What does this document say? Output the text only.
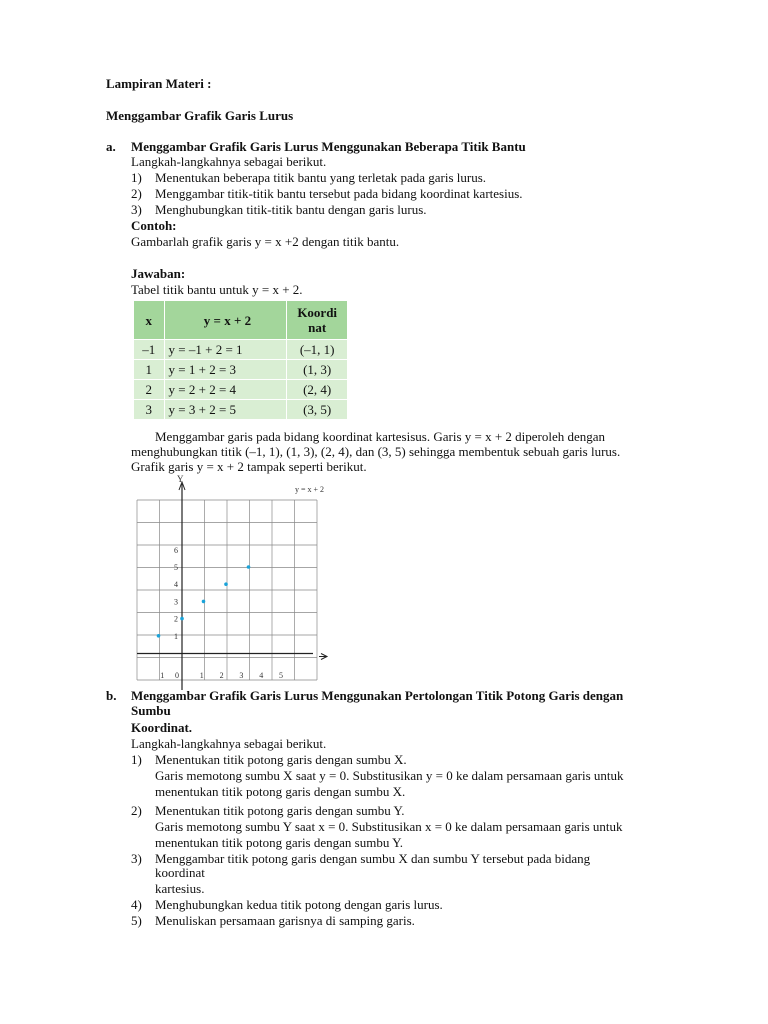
Lampiran Materi :
Menggambar Grafik Garis Lurus
a. Menggambar Grafik Garis Lurus Menggunakan Beberapa Titik Bantu
Langkah-langkahnya sebagai berikut.
1) Menentukan beberapa titik bantu yang terletak pada garis lurus.
2) Menggambar titik-titik bantu tersebut pada bidang koordinat kartesius.
3) Menghubungkan titik-titik bantu dengan garis lurus.
Contoh:
Gambarlah grafik garis y = x +2 dengan titik bantu.
Jawaban:
Tabel titik bantu untuk y = x + 2.
x	y = x + 2	Koordi
nat
–1	y = –1 + 2 = 1	(–1, 1)
1	y = 1 + 2 = 3	(1, 3)
2	y = 2 + 2 = 4	(2, 4)
3	y = 3 + 2 = 5	(3, 5)
Menggambar garis pada bidang koordinat kartesisus. Garis y = x + 2 diperoleh dengan
menghubungkan titik (–1, 1), (1, 3), (2, 4), dan (3, 5) sehingga membentuk sebuah garis lurus.
Grafik garis y = x + 2 tampak seperti berikut.
1
2
3
4
5
6
1 0	1 2 3 4 5
y = x + 2
Y
b. Menggambar Grafik Garis Lurus Menggunakan Pertolongan Titik Potong Garis dengan
Sumbu
Koordinat.
Langkah-langkahnya sebagai berikut.
1) Menentukan titik potong garis dengan sumbu X.
Garis memotong sumbu X saat y = 0. Substitusikan y = 0 ke dalam persamaan garis untuk
menentukan titik potong garis dengan sumbu X.
2) Menentukan titik potong garis dengan sumbu Y.
Garis memotong sumbu Y saat x = 0. Substitusikan x = 0 ke dalam persamaan garis untuk
menentukan titik potong garis dengan sumbu Y.
3) Menggambar titik potong garis dengan sumbu X dan sumbu Y tersebut pada bidang
koordinat
kartesius.
4) Menghubungkan kedua titik potong dengan garis lurus.
5) Menuliskan persamaan garisnya di samping garis.
